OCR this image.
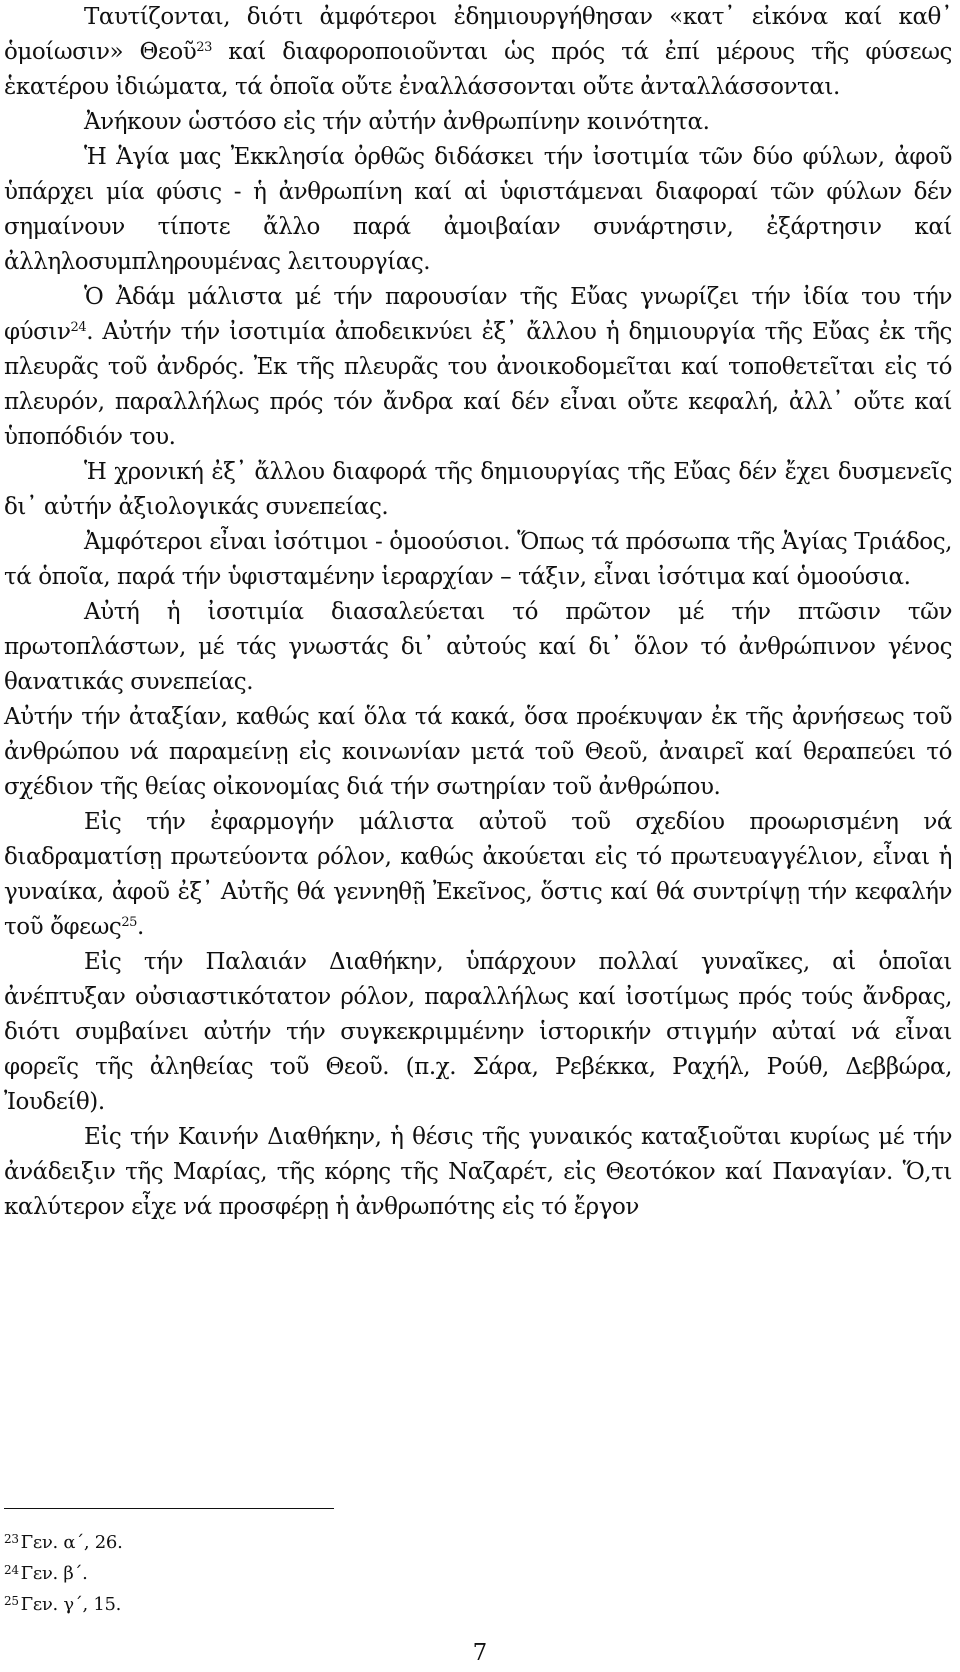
Ταυτίζονται, διότι ἀμφότεροι ἐδημιουργήθησαν «κατ᾽ εἰκόνα καί καθ᾽ ὁμοίωσιν» Θεοῦ$^{23}$ καί διαφοροποιοῦνται ὡς πρός τά ἐπί μέρους τῆς φύσεως ἑκατέρου ἰδιώματα, τά ὁποῖα οὔτε ἐναλλάσσονται οὔτε ἀνταλλάσσονται.

Ἀνήκουν ὡστόσο εἰς τήν αὐτήν ἀνθρωπίνην κοινότητα.

Ἡ Ἁγία μας Ἐκκλησία ὀρθῶς διδάσκει τήν ἰσοτιμία τῶν δύο φύλων, ἀφοῦ ὑπάρχει μία φύσις - ἡ ἀνθρωπίνη καί αἱ ὑφιστάμεναι διαφοραί τῶν φύλων δέν σημαίνουν τίποτε ἄλλο παρά ἀμοιβαίαν συνάρτησιν, ἐξάρτησιν καί ἀλληλοσυμπληρουμένας λειτουργίας.

Ὁ Ἀδάμ μάλιστα μέ τήν παρουσίαν τῆς Εὔας γνωρίζει τήν ἰδία του τήν φύσιν$^{24}$. Αὐτήν τήν ἰσοτιμία ἀποδεικνύει ἐξ᾽ ἄλλου ἡ δημιουργία τῆς Εὔας ἐκ τῆς πλευρᾶς τοῦ ἀνδρός. Ἐκ τῆς πλευρᾶς του ἀνοικοδομεῖται καί τοποθετεῖται εἰς τό πλευρόν, παραλλήλως πρός τόν ἄνδρα καί δέν εἶναι οὔτε κεφαλή, ἀλλ᾽ οὔτε καί ὑποπόδιόν του.

Ἡ χρονική ἐξ᾽ ἄλλου διαφορά τῆς δημιουργίας τῆς Εὔας δέν ἔχει δυσμενεῖς δι᾽ αὐτήν ἀξιολογικάς συνεπείας.

Ἀμφότεροι εἶναι ἰσότιμοι - ὁμοούσιοι. Ὅπως τά πρόσωπα τῆς Ἁγίας Τριάδος, τά ὁποῖα, παρά τήν ὑφισταμένην ἱεραρχίαν – τάξιν, εἶναι ἰσότιμα καί ὁμοούσια.

Αὐτή ἡ ἰσοτιμία διασαλεύεται τό πρῶτον μέ τήν πτῶσιν τῶν πρωτοπλάστων, μέ τάς γνωστάς δι᾽ αὐτούς καί δι᾽ ὅλον τό ἀνθρώπινον γένος θανατικάς συνεπείας.

Αὐτήν τήν ἀταξίαν, καθώς καί ὅλα τά κακά, ὅσα προέκυψαν ἐκ τῆς ἀρνήσεως τοῦ ἀνθρώπου νά παραμείνῃ εἰς κοινωνίαν μετά τοῦ Θεοῦ, ἀναιρεῖ καί θεραπεύει τό σχέδιον τῆς θείας οἰκονομίας διά τήν σωτηρίαν τοῦ ἀνθρώπου.

Εἰς τήν ἐφαρμογήν μάλιστα αὐτοῦ τοῦ σχεδίου προωρισμένη νά διαδραματίσῃ πρωτεύοντα ρόλον, καθώς ἀκούεται εἰς τό πρωτευαγγέλιον, εἶναι ἡ γυναίκα, ἀφοῦ ἐξ᾽ Αὐτῆς θά γεννηθῇ Ἐκεῖνος, ὅστις καί θά συντρίψῃ τήν κεφαλήν τοῦ ὄφεως$^{25}$.

Εἰς τήν Παλαιάν Διαθήκην, ὑπάρχουν πολλαί γυναῖκες, αἱ ὁποῖαι ἀνέπτυξαν οὐσιαστικότατον ρόλον, παραλλήλως καί ἰσοτίμως πρός τούς ἄνδρας, διότι συμβαίνει αὐτήν τήν συγκεκριμμένην ἱστορικήν στιγμήν αὐταί νά εἶναι φορεῖς τῆς ἀληθείας τοῦ Θεοῦ. (π.χ. Σάρα, Ρεβέκκα, Ραχήλ, Ρούθ, Δεββώρα, Ἰουδείθ).

Εἰς τήν Καινήν Διαθήκην, ἡ θέσις τῆς γυναικός καταξιοῦται κυρίως μέ τήν ἀνάδειξιν τῆς Μαρίας, τῆς κόρης τῆς Ναζαρέτ, εἰς Θεοτόκον καί Παναγίαν. Ὅ,τι καλύτερον εἶχε νά προσφέρῃ ἡ ἀνθρωπότης εἰς τό ἔργον

$^{23}$ Γεν. α΄, 26.

$^{24}$ Γεν. β΄.

$^{25}$ Γεν. γ΄, 15.

7
